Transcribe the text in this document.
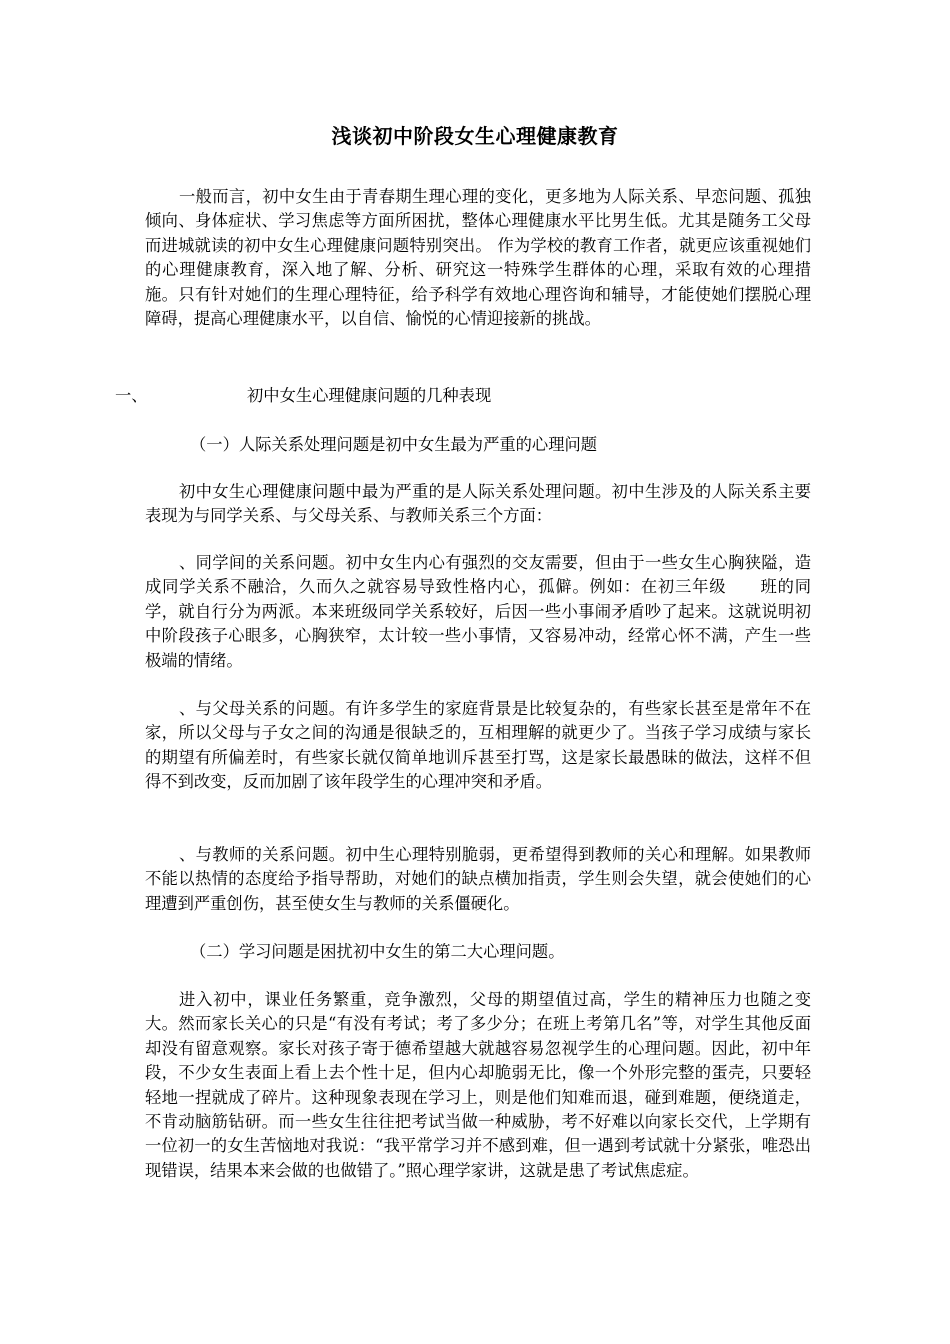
浅谈初中阶段女生心理健康教育
一般而言，初中女生由于青春期生理心理的变化，更多地为人际关系、早恋问题、孤独倾向、身体症状、学习焦虑等方面所困扰，整体心理健康水平比男生低。尤其是随务工父母而进城就读的初中女生心理健康问题特别突出。 作为学校的教育工作者，就更应该重视她们的心理健康教育，深入地了解、分析、研究这一特殊学生群体的心理，采取有效的心理措施。只有针对她们的生理心理特征，给予科学有效地心理咨询和辅导，才能使她们摆脱心理障碍，提高心理健康水平，以自信、愉悦的心情迎接新的挑战。
一、	初中女生心理健康问题的几种表现
（一）人际关系处理问题是初中女生最为严重的心理问题
初中女生心理健康问题中最为严重的是人际关系处理问题。初中生涉及的人际关系主要表现为与同学关系、与父母关系、与教师关系三个方面：
、同学间的关系问题。初中女生内心有强烈的交友需要，但由于一些女生心胸狭隘，造成同学关系不融洽，久而久之就容易导致性格内心，孤僻。例如：在初三年级　　班的同学，就自行分为两派。本来班级同学关系较好，后因一些小事闹矛盾吵了起来。这就说明初中阶段孩子心眼多，心胸狭窄，太计较一些小事情，又容易冲动，经常心怀不满，产生一些极端的情绪。
、与父母关系的问题。有许多学生的家庭背景是比较复杂的，有些家长甚至是常年不在家，所以父母与子女之间的沟通是很缺乏的，互相理解的就更少了。当孩子学习成绩与家长的期望有所偏差时，有些家长就仅简单地训斥甚至打骂，这是家长最愚昧的做法，这样不但得不到改变，反而加剧了该年段学生的心理冲突和矛盾。
、与教师的关系问题。初中生心理特别脆弱，更希望得到教师的关心和理解。如果教师不能以热情的态度给予指导帮助，对她们的缺点横加指责，学生则会失望，就会使她们的心理遭到严重创伤，甚至使女生与教师的关系僵硬化。
（二）学习问题是困扰初中女生的第二大心理问题。
进入初中，课业任务繁重，竞争激烈，父母的期望值过高，学生的精神压力也随之变大。然而家长关心的只是“有没有考试；考了多少分；在班上考第几名”等，对学生其他反面却没有留意观察。家长对孩子寄于德希望越大就越容易忽视学生的心理问题。因此，初中年段，不少女生表面上看上去个性十足，但内心却脆弱无比，像一个外形完整的蛋壳，只要轻轻地一捏就成了碎片。这种现象表现在学习上，则是他们知难而退，碰到难题，便绕道走，不肯动脑筋钻研。而一些女生往往把考试当做一种威胁，考不好难以向家长交代，上学期有一位初一的女生苦恼地对我说：“我平常学习并不感到难，但一遇到考试就十分紧张，唯恐出现错误，结果本来会做的也做错了。”照心理学家讲，这就是患了考试焦虑症。
